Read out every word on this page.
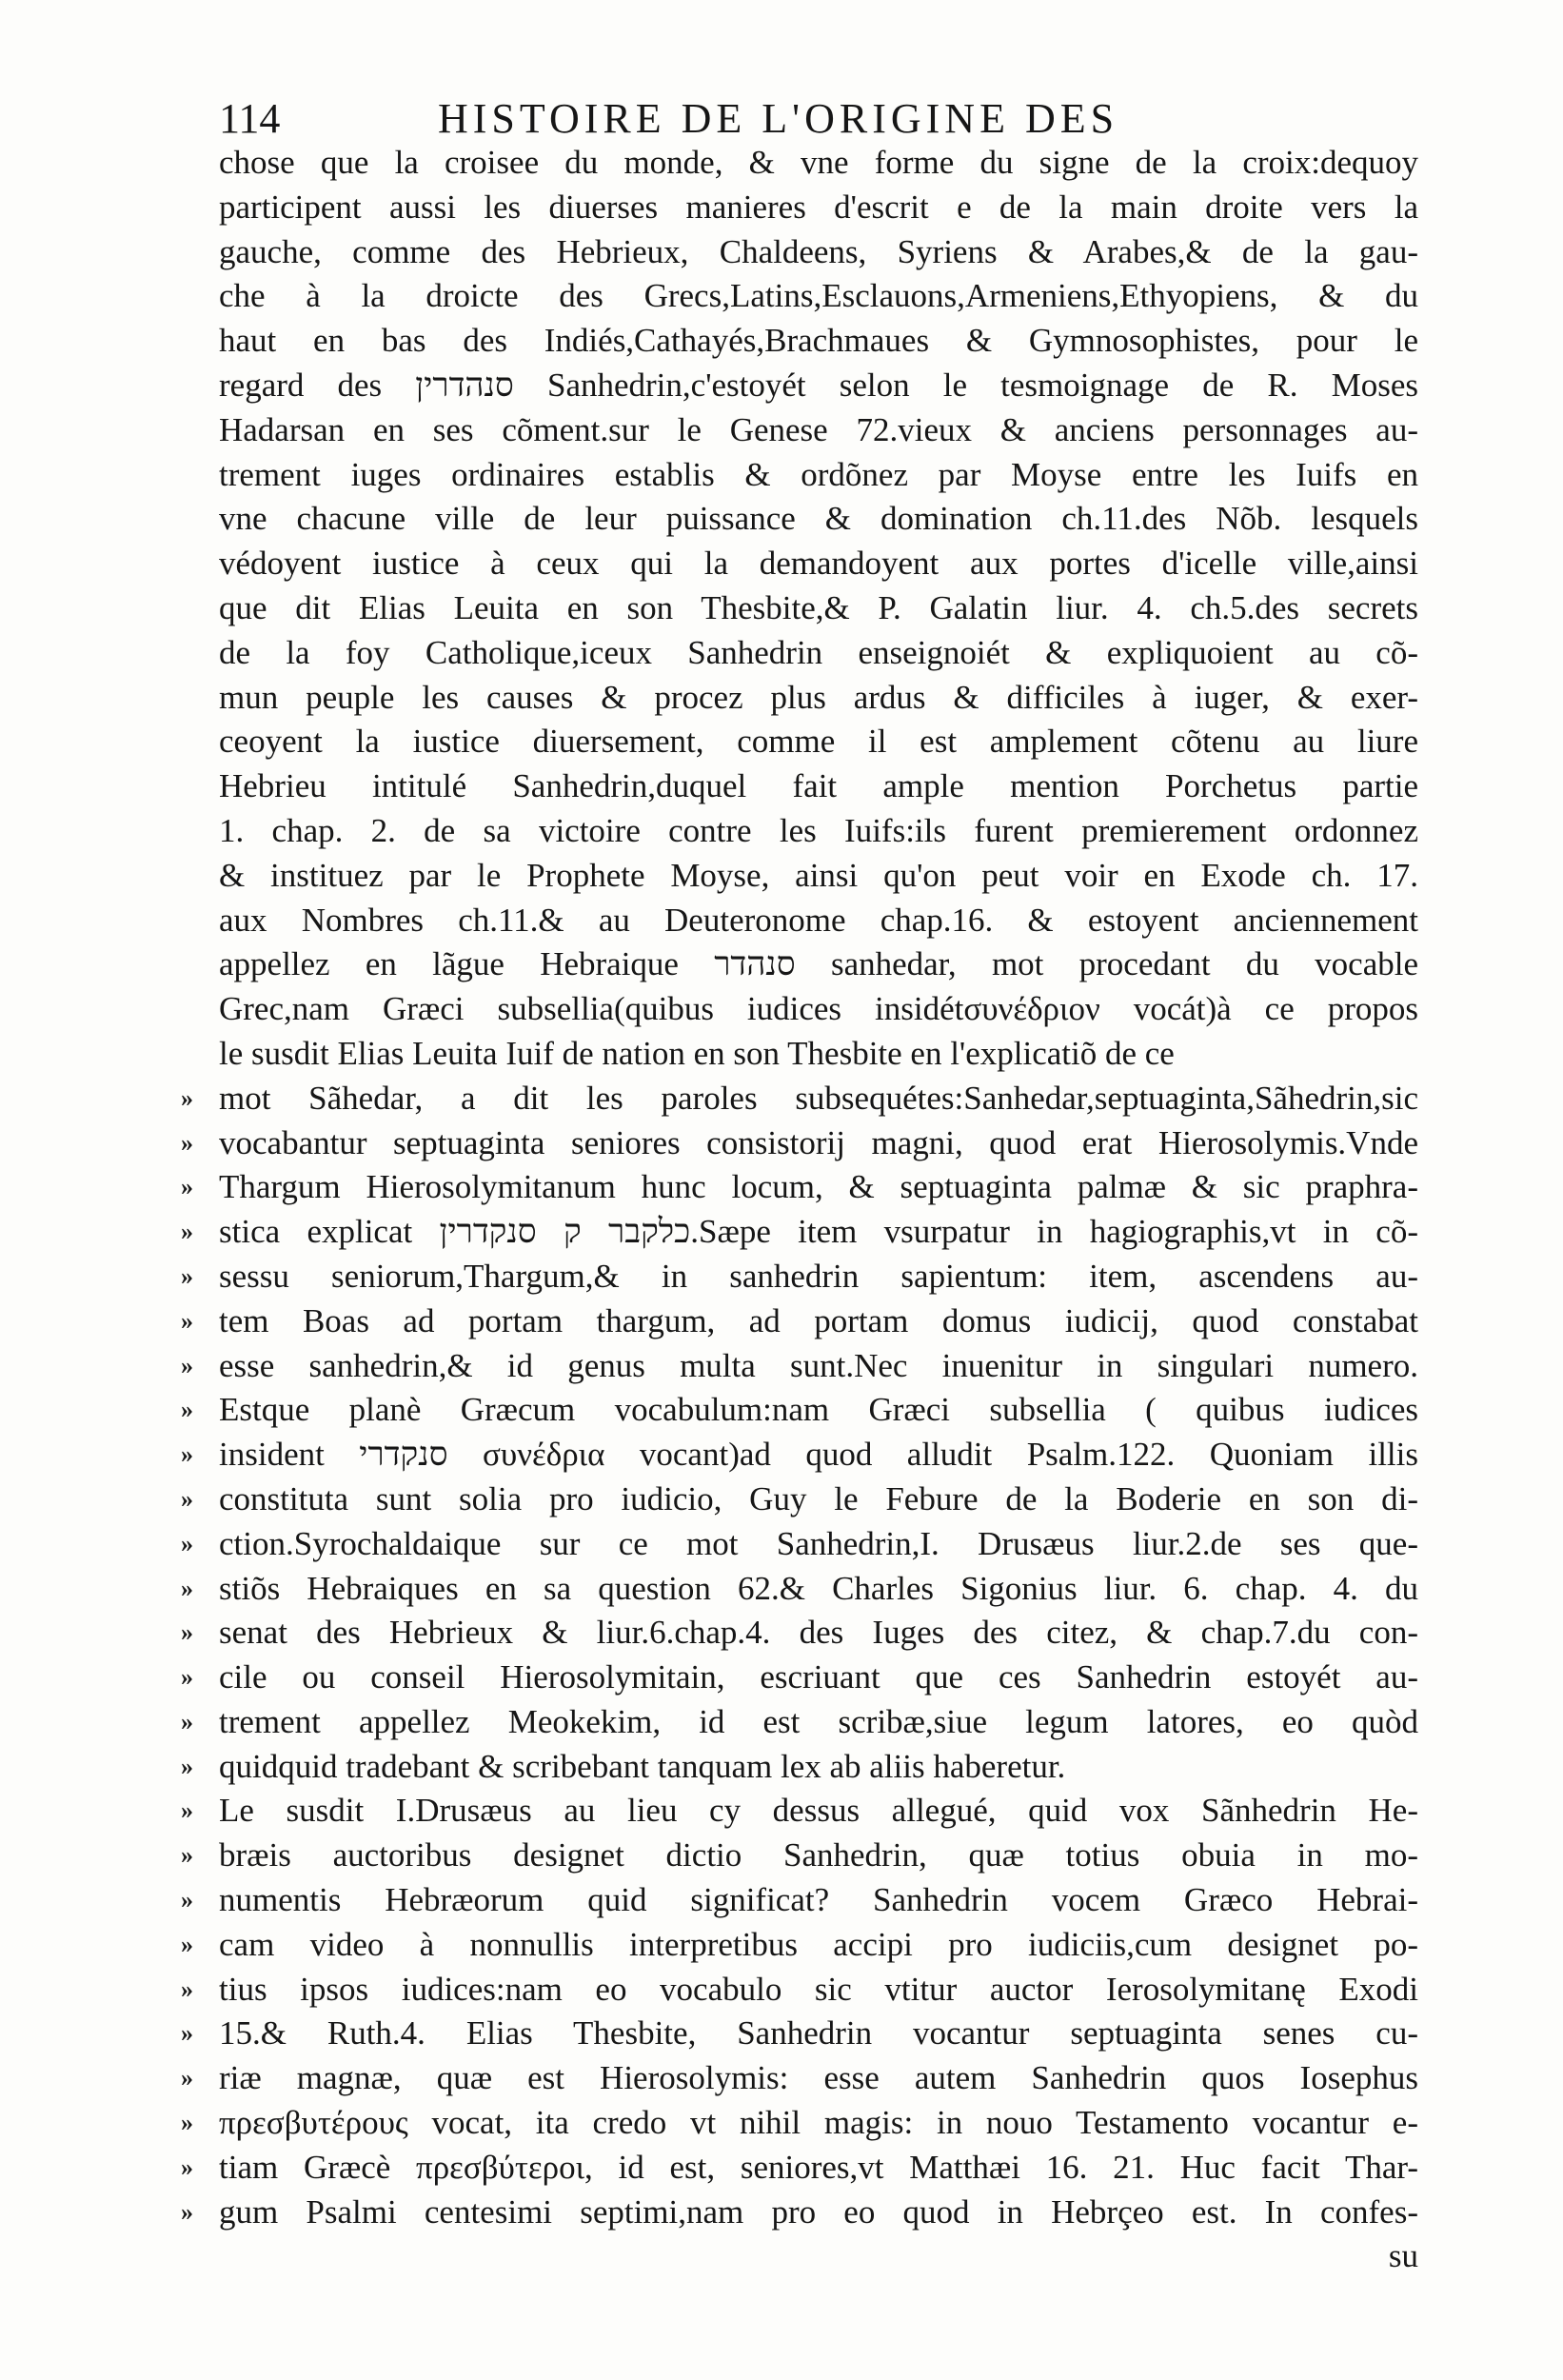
114	HISTOIRE DE L'ORIGINE DES
chose que la croisee du monde, & vne forme du signe de la croix:dequoy
participent aussi les diuerses manieres d'escrit e de la main droite vers la
gauche, comme des Hebrieux, Chaldeens, Syriens & Arabes,& de la gau-
che à la droicte des Grecs,Latins,Esclauons,Armeniens,Ethyopiens, & du
haut en bas des Indiés,Cathayés,Brachmaues & Gymnosophistes, pour le
regard des סנהדרין Sanhedrin,c'estoyét selon le tesmoignage de R. Moses
Hadarsan en ses cõment.sur le Genese 72.vieux & anciens personnages au-
trement iuges ordinaires establis & ordõnez par Moyse entre les Iuifs en
vne chacune ville de leur puissance & domination ch.11.des Nõb. lesquels
védoyent iustice à ceux qui la demandoyent aux portes d'icelle ville,ainsi
que dit Elias Leuita en son Thesbite,& P. Galatin liur. 4. ch.5.des secrets
de la foy Catholique,iceux Sanhedrin enseignoiét & expliquoient au cõ-
mun peuple les causes & procez plus ardus & difficiles à iuger, & exer-
ceoyent la iustice diuersement, comme il est amplement cõtenu au liure
Hebrieu intitulé Sanhedrin,duquel fait ample mention Porchetus partie
1. chap. 2. de sa victoire contre les Iuifs:ils furent premierement ordonnez
& instituez par le Prophete Moyse, ainsi qu'on peut voir en Exode ch. 17.
aux Nombres ch.11.& au Deuteronome chap.16. & estoyent anciennement
appellez en lãgue Hebraique סנהדר sanhedar, mot procedant du vocable
Grec,nam Græci subsellia(quibus iudices insidétσυνέδριον vocát)à ce propos
le susdit Elias Leuita Iuif de nation en son Thesbite en l'explicatiõ de ce
» mot Sãhedar, a dit les paroles subsequétes:Sanhedar,septuaginta,Sãhedrin,sic
» vocabantur septuaginta seniores consistorij magni, quod erat Hierosolymis.Vnde
» Thargum Hierosolymitanum hunc locum, & septuaginta palmæ & sic praphra-
» stica explicat כלקבר ק סנקדרין.Sæpe item vsurpatur in hagiographis,vt in cõ-
» sessu seniorum,Thargum,& in sanhedrin sapientum: item, ascendens au-
» tem Boas ad portam thargum, ad portam domus iudicij, quod constabat
» esse sanhedrin,& id genus multa sunt.Nec inuenitur in singulari numero.
» Estque planè Græcum vocabulum:nam Græci subsellia ( quibus iudices
» insident סנקדרי συνέδρια vocant)ad quod alludit Psalm.122. Quoniam illis
» constituta sunt solia pro iudicio, Guy le Febure de la Boderie en son di-
» ction.Syrochaldaique sur ce mot Sanhedrin,I. Drusæus liur.2.de ses que-
» stiõs Hebraiques en sa question 62.& Charles Sigonius liur. 6. chap. 4. du
» senat des Hebrieux & liur.6.chap.4. des Iuges des citez, & chap.7.du con-
» cile ou conseil Hierosolymitain, escriuant que ces Sanhedrin estoyét au-
» trement appellez Meokekim, id est scribæ,siue legum latores, eo quòd
» quidquid tradebant & scribebant tanquam lex ab aliis haberetur.
» Le susdit I.Drusæus au lieu cy dessus allegué, quid vox Sãnhedrin He-
» bræis auctoribus designet dictio Sanhedrin, quæ totius obuia in mo-
» numentis Hebræorum quid significat? Sanhedrin vocem Græco Hebrai-
» cam video à nonnullis interpretibus accipi pro iudiciis,cum designet po-
» tius ipsos iudices:nam eo vocabulo sic vtitur auctor Ierosolymitanę Exodi
» 15.& Ruth.4. Elias Thesbite, Sanhedrin vocantur septuaginta senes cu-
» riæ magnæ, quæ est Hierosolymis: esse autem Sanhedrin quos Iosephus
» πρεσβυτέρους vocat, ita credo vt nihil magis: in nouo Testamento vocantur e-
» tiam Græcè πρεσβύτεροι, id est, seniores,vt Matthæi 16. 21. Huc facit Thar-
» gum Psalmi centesimi septimi,nam pro eo quod in Hebrçeo est. In confes-
su
